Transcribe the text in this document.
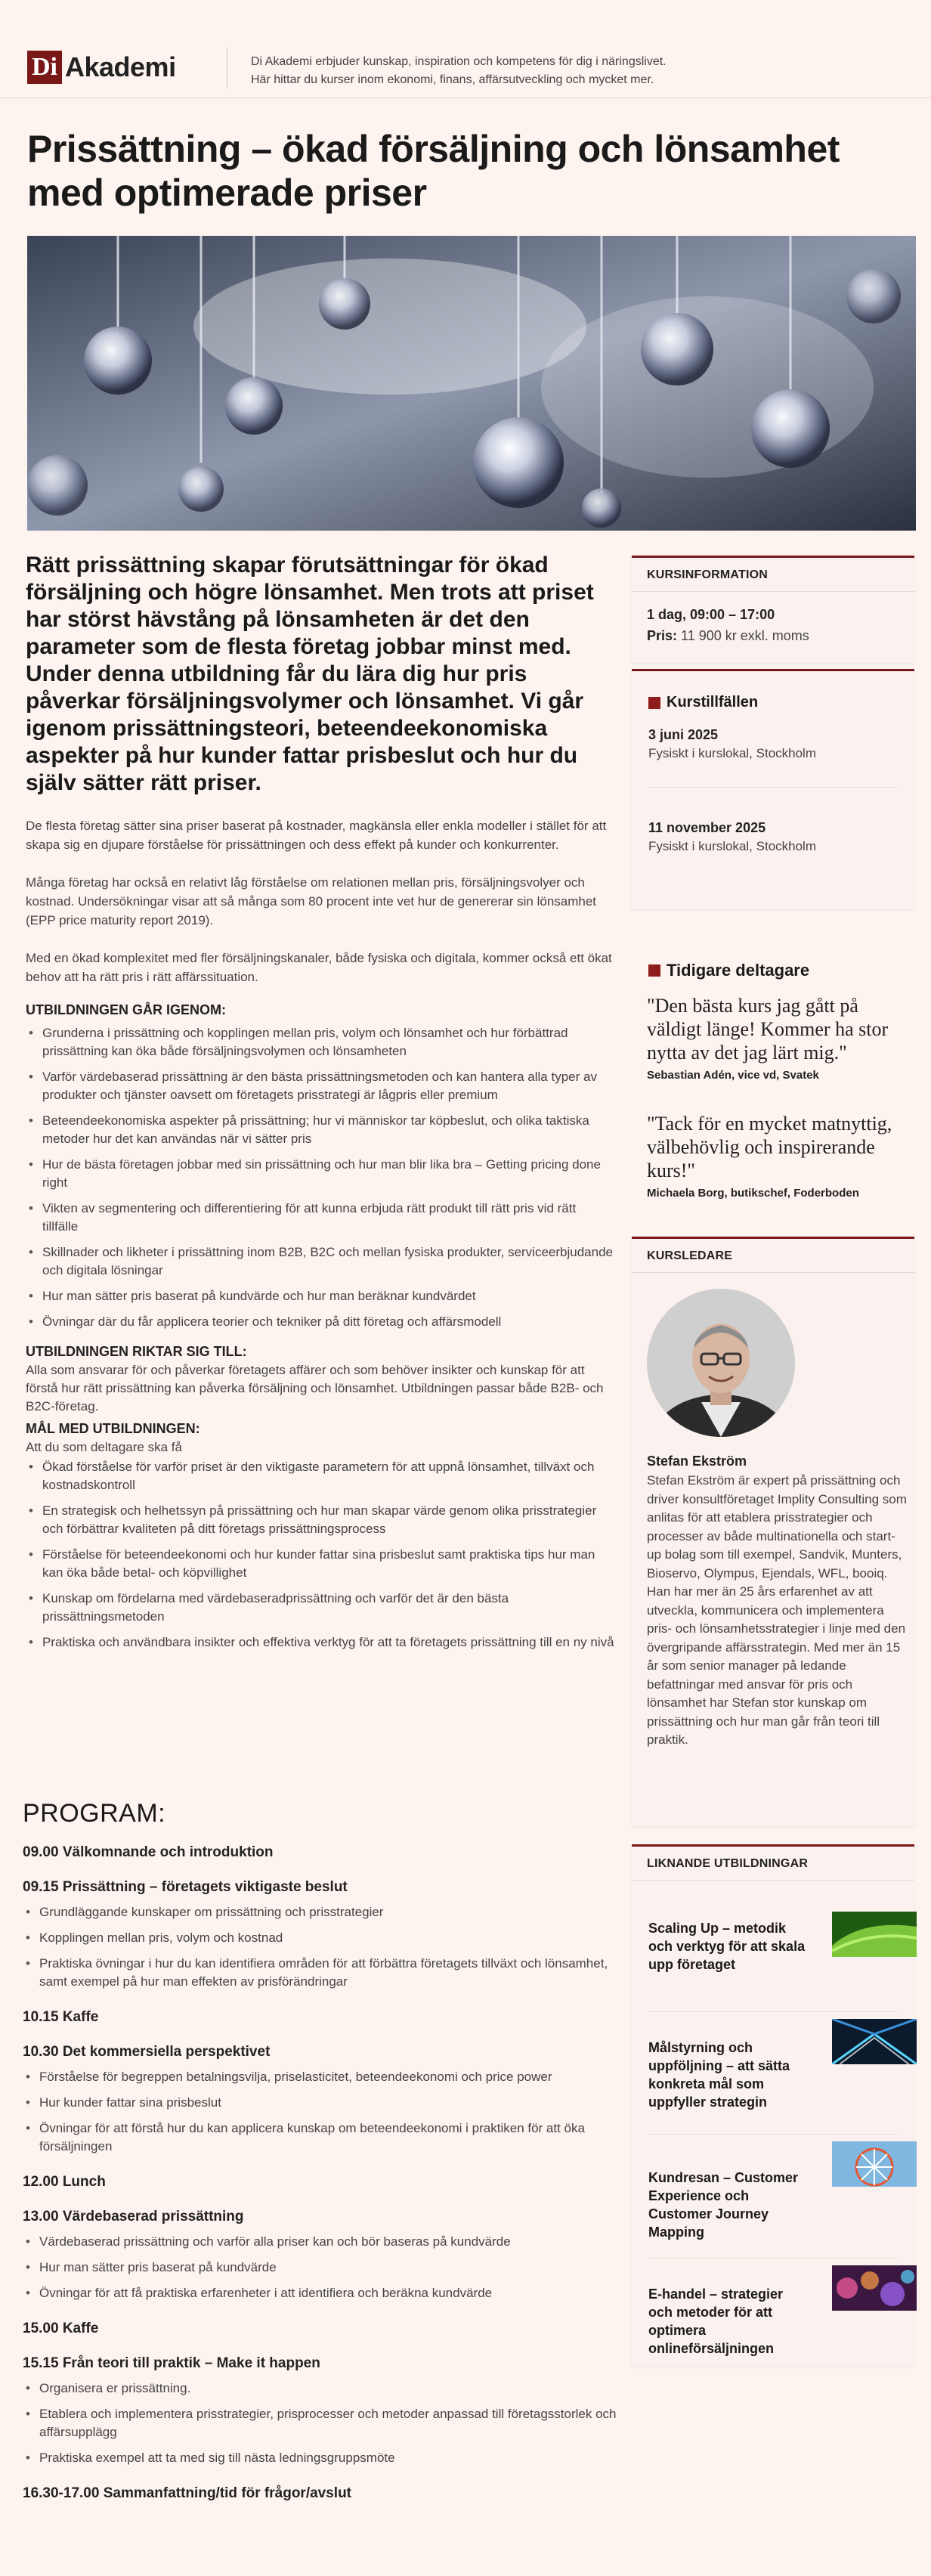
Di Akademi	Di Akademi erbjuder kunskap, inspiration och kompetens för dig i näringslivet.
Här hittar du kurser inom ekonomi, finans, affärsutveckling och mycket mer.
Prissättning – ökad försäljning och lönsamhet med optimerade priser

Rätt prissättning skapar förutsättningar för ökad försäljning och högre lönsamhet. Men trots att priset har störst hävstång på lönsamheten är det den parameter som de flesta företag jobbar minst med. Under denna utbildning får du lära dig hur pris påverkar försäljningsvolymer och lönsamhet. Vi går igenom prissättningsteori, beteendeekonomiska aspekter på hur kunder fattar prisbeslut och hur du själv sätter rätt priser.

De flesta företag sätter sina priser baserat på kostnader, magkänsla eller enkla modeller i stället för att skapa sig en djupare förståelse för prissättningen och dess effekt på kunder och konkurrenter.

Många företag har också en relativt låg förståelse om relationen mellan pris, försäljningsvolyer och kostnad. Undersökningar visar att så många som 80 procent inte vet hur de genererar sin lönsamhet (EPP price maturity report 2019).

Med en ökad komplexitet med fler försäljningskanaler, både fysiska och digitala, kommer också ett ökat behov att ha rätt pris i rätt affärssituation.

UTBILDNINGEN GÅR IGENOM:
• Grunderna i prissättning och kopplingen mellan pris, volym och lönsamhet och hur förbättrad prissättning kan öka både försäljningsvolymen och lönsamheten
• Varför värdebaserad prissättning är den bästa prissättningsmetoden och kan hantera alla typer av produkter och tjänster oavsett om företagets prisstrategi är lågpris eller premium
• Beteendeekonomiska aspekter på prissättning; hur vi människor tar köpbeslut, och olika taktiska metoder hur det kan användas när vi sätter pris
• Hur de bästa företagen jobbar med sin prissättning och hur man blir lika bra – Getting pricing done right
• Vikten av segmentering och differentiering för att kunna erbjuda rätt produkt till rätt pris vid rätt tillfälle
• Skillnader och likheter i prissättning inom B2B, B2C och mellan fysiska produkter, serviceerbjudande och digitala lösningar
• Hur man sätter pris baserat på kundvärde och hur man beräknar kundvärdet
• Övningar där du får applicera teorier och tekniker på ditt företag och affärsmodell
UTBILDNINGEN RIKTAR SIG TILL:

Alla som ansvarar för och påverkar företagets affärer och som behöver insikter och kunskap för att förstå hur rätt prissättning kan påverka försäljning och lönsamhet. Utbildningen passar både B2B- och B2C-företag.

MÅL MED UTBILDNINGEN:

Att du som deltagare ska få

• Ökad förståelse för varför priset är den viktigaste parametern för att uppnå lönsamhet, tillväxt och kostnadskontroll
• En strategisk och helhetssyn på prissättning och hur man skapar värde genom olika prisstrategier och förbättrar kvaliteten på ditt företags prissättningsprocess
• Förståelse för beteendeekonomi och hur kunder fattar sina prisbeslut samt praktiska tips hur man kan öka både betal- och köpvillighet
• Kunskap om fördelarna med värdebaseradprissättning och varför det är den bästa prissättningsmetoden
• Praktiska och användbara insikter och effektiva verktyg för att ta företagets prissättning till en ny nivå
PROGRAM:
09.00 Välkomnande och introduktion
09.15 Prissättning – företagets viktigaste beslut
• Grundläggande kunskaper om prissättning och prisstrategier
• Kopplingen mellan pris, volym och kostnad
• Praktiska övningar i hur du kan identifiera områden för att förbättra företagets tillväxt och lönsamhet, samt exempel på hur man effekten av prisförändringar
10.15 Kaffe
10.30 Det kommersiella perspektivet
• Förståelse för begreppen betalningsvilja, priselasticitet, beteendeekonomi och price power
• Hur kunder fattar sina prisbeslut
• Övningar för att förstå hur du kan applicera kunskap om beteendeekonomi i praktiken för att öka försäljningen
12.00 Lunch
13.00 Värdebaserad prissättning
• Värdebaserad prissättning och varför alla priser kan och bör baseras på kundvärde
• Hur man sätter pris baserat på kundvärde
• Övningar för att få praktiska erfarenheter i att identifiera och beräkna kundvärde
15.00 Kaffe
15.15 Från teori till praktik – Make it happen
• Organisera er prissättning.
• Etablera och implementera prisstrategier, prisprocesser och metoder anpassad till företagsstorlek och affärsupplägg
• Praktiska exempel att ta med sig till nästa ledningsgruppsmöte
16.30-17.00 Sammanfattning/tid för frågor/avslut
KURSINFORMATION
1 dag, 09:00 – 17:00
Pris: 11 900 kr exkl. moms
Kurstillfällen
3 juni 2025
Fysiskt i kurslokal, Stockholm
11 november 2025
Fysiskt i kurslokal, Stockholm
Tidigare deltagare
"Den bästa kurs jag gått på väldigt länge! Kommer ha stor nytta av det jag lärt mig."
Sebastian Adén, vice vd, Svatek
"Tack för en mycket matnyttig, välbehövlig och inspirerande kurs!"
Michaela Borg, butikschef, Foderboden
KURSLEDARE
Stefan Ekström
Stefan Ekström är expert på prissättning och driver konsultföretaget Implity Consulting som anlitas för att etablera prisstrategier och processer av både multinationella och start-up bolag som till exempel, Sandvik, Munters, Bioservo, Olympus, Ejendals, WFL, booiq. Han har mer än 25 års erfarenhet av att utveckla, kommunicera och implementera pris- och lönsamhetsstrategier i linje med den övergripande affärsstrategin. Med mer än 15 år som senior manager på ledande befattningar med ansvar för pris och lönsamhet har Stefan stor kunskap om prissättning och hur man går från teori till praktik.
LIKNANDE UTBILDNINGAR
Scaling Up – metodik och verktyg för att skala upp företaget
Målstyrning och uppföljning – att sätta konkreta mål som uppfyller strategin
Kundresan – Customer Experience och Customer Journey Mapping
E-handel – strategier och metoder för att optimera onlineförsäljningen
